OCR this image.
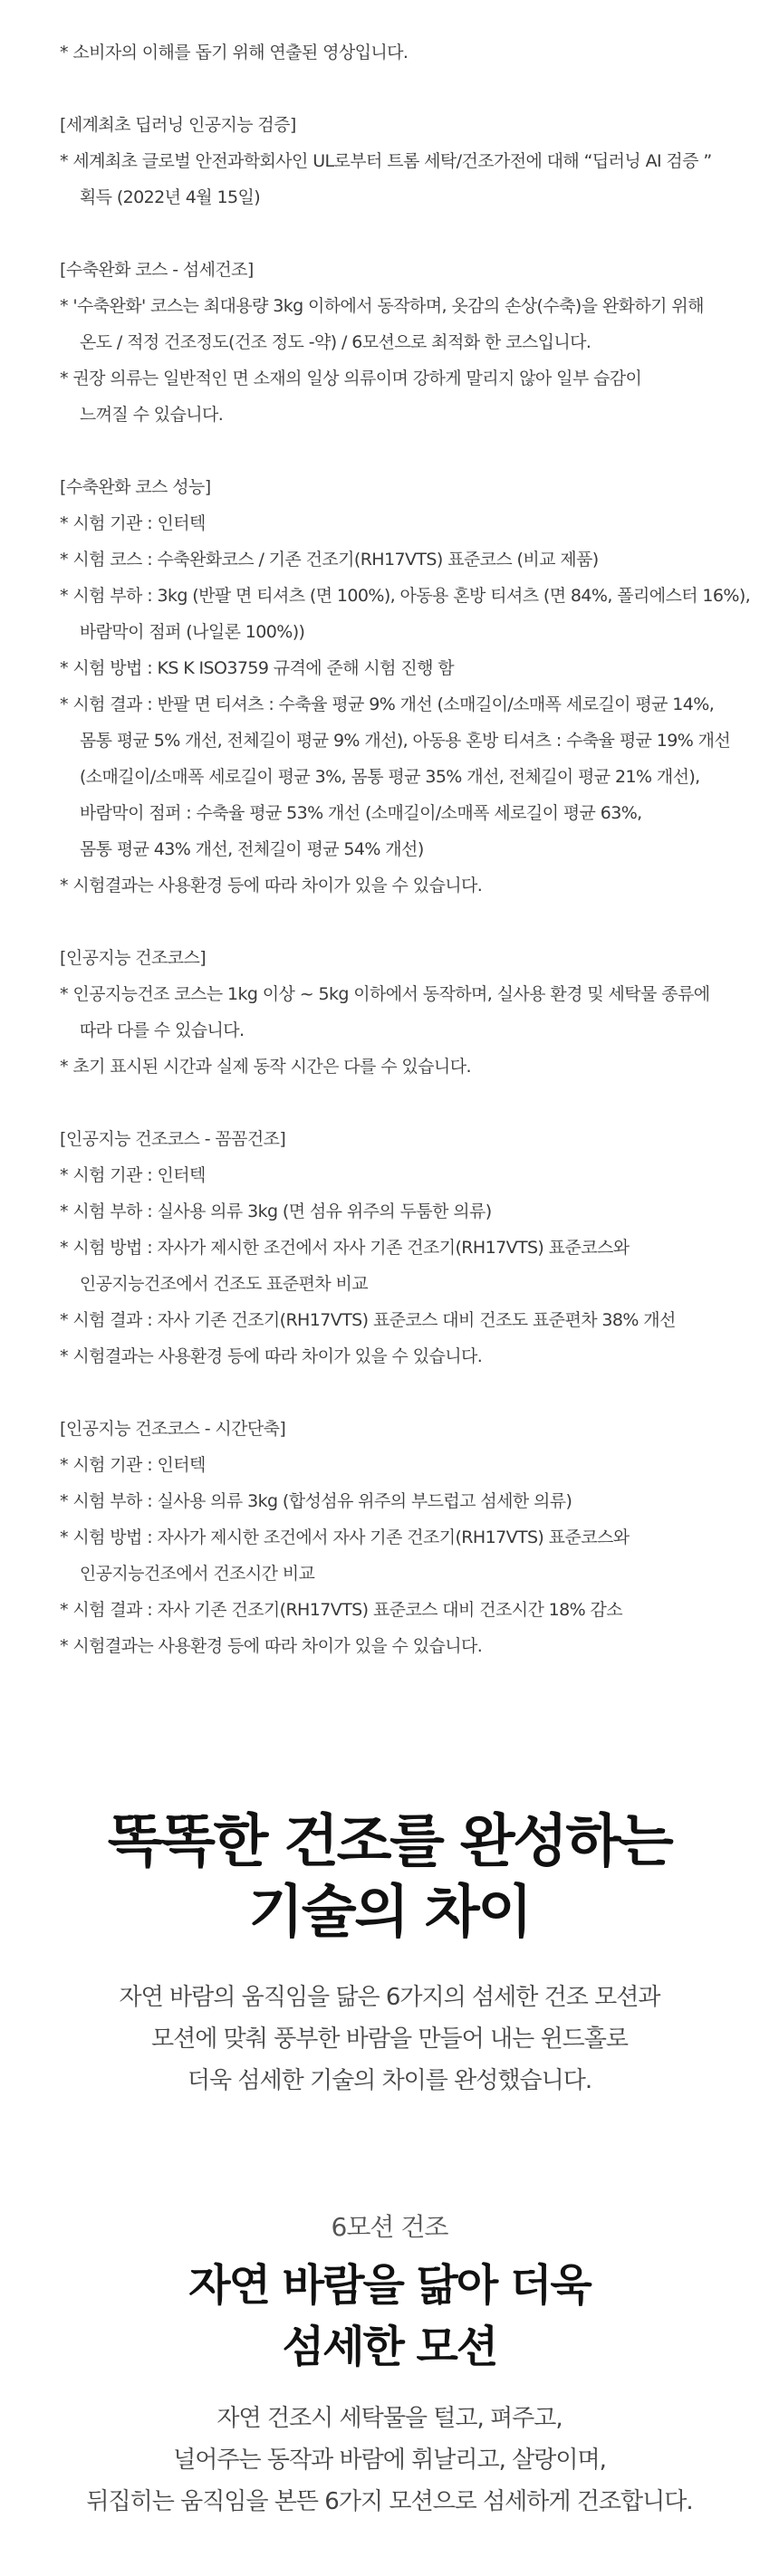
* 소비자의 이해를 돕기 위해 연출된 영상입니다.
[세계최초 딥러닝 인공지능 검증]
* 세계최초 글로벌 안전과학회사인 UL로부터 트롬 세탁/건조가전에 대해 “딥러닝 AI 검증 ”
획득 (2022년 4월 15일)
[수축완화 코스 - 섬세건조]
* '수축완화' 코스는 최대용량 3kg 이하에서 동작하며, 옷감의 손상(수축)을 완화하기 위해
온도 / 적정 건조정도(건조 정도 -약) / 6모션으로 최적화 한 코스입니다.
* 권장 의류는 일반적인 면 소재의 일상 의류이며 강하게 말리지 않아 일부 습감이
느껴질 수 있습니다.
[수축완화 코스 성능]
* 시험 기관 : 인터텍
* 시험 코스 : 수축완화코스 / 기존 건조기(RH17VTS) 표준코스 (비교 제품)
* 시험 부하 : 3kg (반팔 면 티셔츠 (면 100%), 아동용 혼방 티셔츠 (면 84%, 폴리에스터 16%),
바람막이 점퍼 (나일론 100%))
* 시험 방법 : KS K ISO3759 규격에 준해 시험 진행 함
* 시험 결과 : 반팔 면 티셔츠 : 수축율 평균 9% 개선 (소매길이/소매폭 세로길이 평균 14%,
몸통 평균 5% 개선, 전체길이 평균 9% 개선), 아동용 혼방 티셔츠 : 수축율 평균 19% 개선
(소매길이/소매폭 세로길이 평균 3%, 몸통 평균 35% 개선, 전체길이 평균 21% 개선),
바람막이 점퍼 : 수축율 평균 53% 개선 (소매길이/소매폭 세로길이 평균 63%,
몸통 평균 43% 개선, 전체길이 평균 54% 개선)
* 시험결과는 사용환경 등에 따라 차이가 있을 수 있습니다.
[인공지능 건조코스]
* 인공지능건조 코스는 1kg 이상 ~ 5kg 이하에서 동작하며, 실사용 환경 및 세탁물 종류에
따라 다를 수 있습니다.
* 초기 표시된 시간과 실제 동작 시간은 다를 수 있습니다.
[인공지능 건조코스 - 꼼꼼건조]
* 시험 기관 : 인터텍
* 시험 부하 : 실사용 의류 3kg (면 섬유 위주의 두툼한 의류)
* 시험 방법 : 자사가 제시한 조건에서 자사 기존 건조기(RH17VTS) 표준코스와
인공지능건조에서 건조도 표준편차 비교
* 시험 결과 : 자사 기존 건조기(RH17VTS) 표준코스 대비 건조도 표준편차 38% 개선
* 시험결과는 사용환경 등에 따라 차이가 있을 수 있습니다.
[인공지능 건조코스 - 시간단축]
* 시험 기관 : 인터텍
* 시험 부하 : 실사용 의류 3kg (합성섬유 위주의 부드럽고 섬세한 의류)
* 시험 방법 : 자사가 제시한 조건에서 자사 기존 건조기(RH17VTS) 표준코스와
인공지능건조에서 건조시간 비교
* 시험 결과 : 자사 기존 건조기(RH17VTS) 표준코스 대비 건조시간 18% 감소
* 시험결과는 사용환경 등에 따라 차이가 있을 수 있습니다.
똑똑한 건조를 완성하는
기술의 차이
자연 바람의 움직임을 닮은 6가지의 섬세한 건조 모션과
모션에 맞춰 풍부한 바람을 만들어 내는 윈드홀로
더욱 섬세한 기술의 차이를 완성했습니다.
6모션 건조
자연 바람을 닮아 더욱
섬세한 모션
자연 건조시 세탁물을 털고, 펴주고,
널어주는 동작과 바람에 휘날리고, 살랑이며,
뒤집히는 움직임을 본뜬 6가지 모션으로 섬세하게 건조합니다.
